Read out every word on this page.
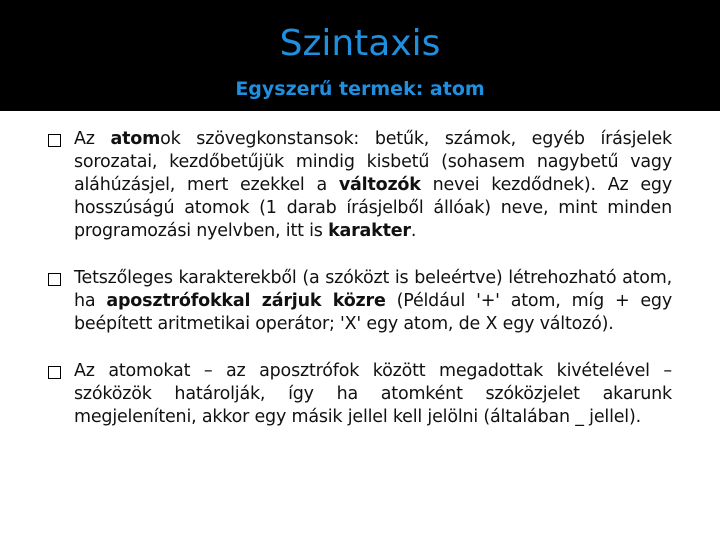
Szintaxis
Egyszerű termek: atom
Az atomok szövegkonstansok: betűk, számok, egyéb írásjelek sorozatai, kezdőbetűjük mindig kisbetű (sohasem nagybetű vagy aláhúzásjel, mert ezekkel a változók nevei kezdődnek). Az egy hosszúságú atomok (1 darab írásjelből állóak) neve, mint minden programozási nyelvben, itt is karakter.
Tetszőleges karakterekből (a szóközt is beleértve) létrehozható atom, ha aposztrófokkal zárjuk közre (Például '+' atom, míg + egy beépített aritmetikai operátor; 'X' egy atom, de X egy változó).
Az atomokat – az aposztrófok között megadottak kivételével – szóközök határolják, így ha atomként szóközjelet akarunk megjeleníteni, akkor egy másik jellel kell jelölni (általában _ jellel).
